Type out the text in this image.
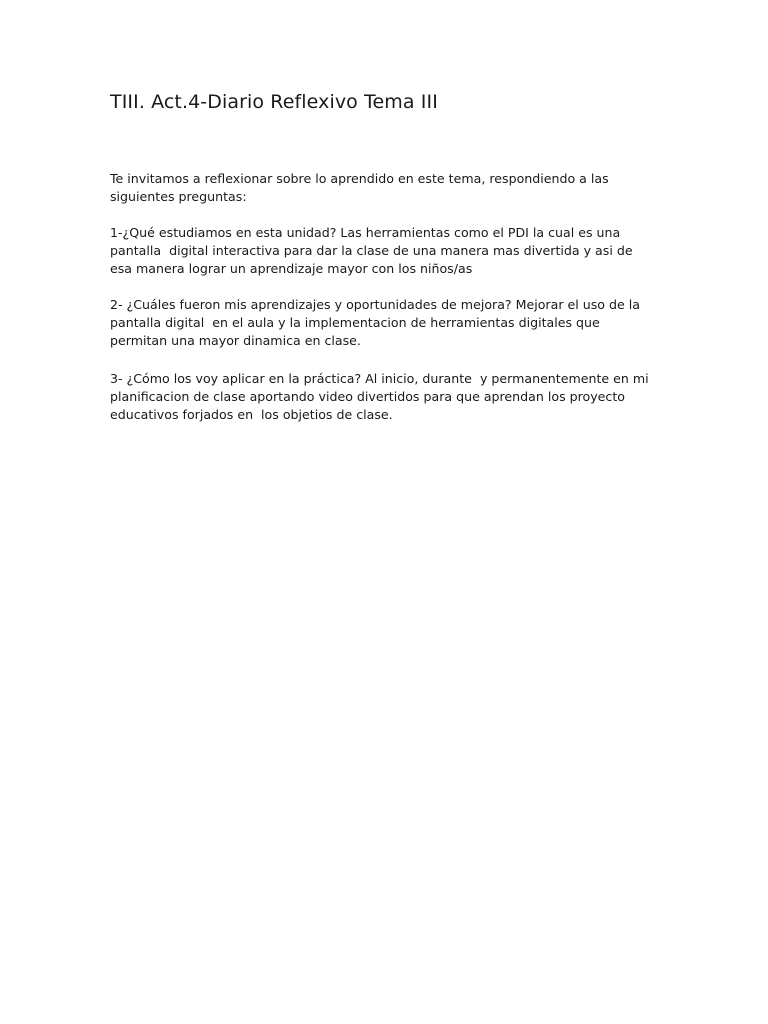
TIII. Act.4-Diario Reflexivo Tema III

Te invitamos a reflexionar sobre lo aprendido en este tema, respondiendo a las siguientes preguntas:

1-¿Qué estudiamos en esta unidad? Las herramientas como el PDI la cual es una pantalla  digital interactiva para dar la clase de una manera mas divertida y asi de esa manera lograr un aprendizaje mayor con los niños/as

2- ¿Cuáles fueron mis aprendizajes y oportunidades de mejora? Mejorar el uso de la pantalla digital  en el aula y la implementacion de herramientas digitales que permitan una mayor dinamica en clase.

3- ¿Cómo los voy aplicar en la práctica? Al inicio, durante  y permanentemente en mi planificacion de clase aportando video divertidos para que aprendan los proyecto educativos forjados en  los objetios de clase.
